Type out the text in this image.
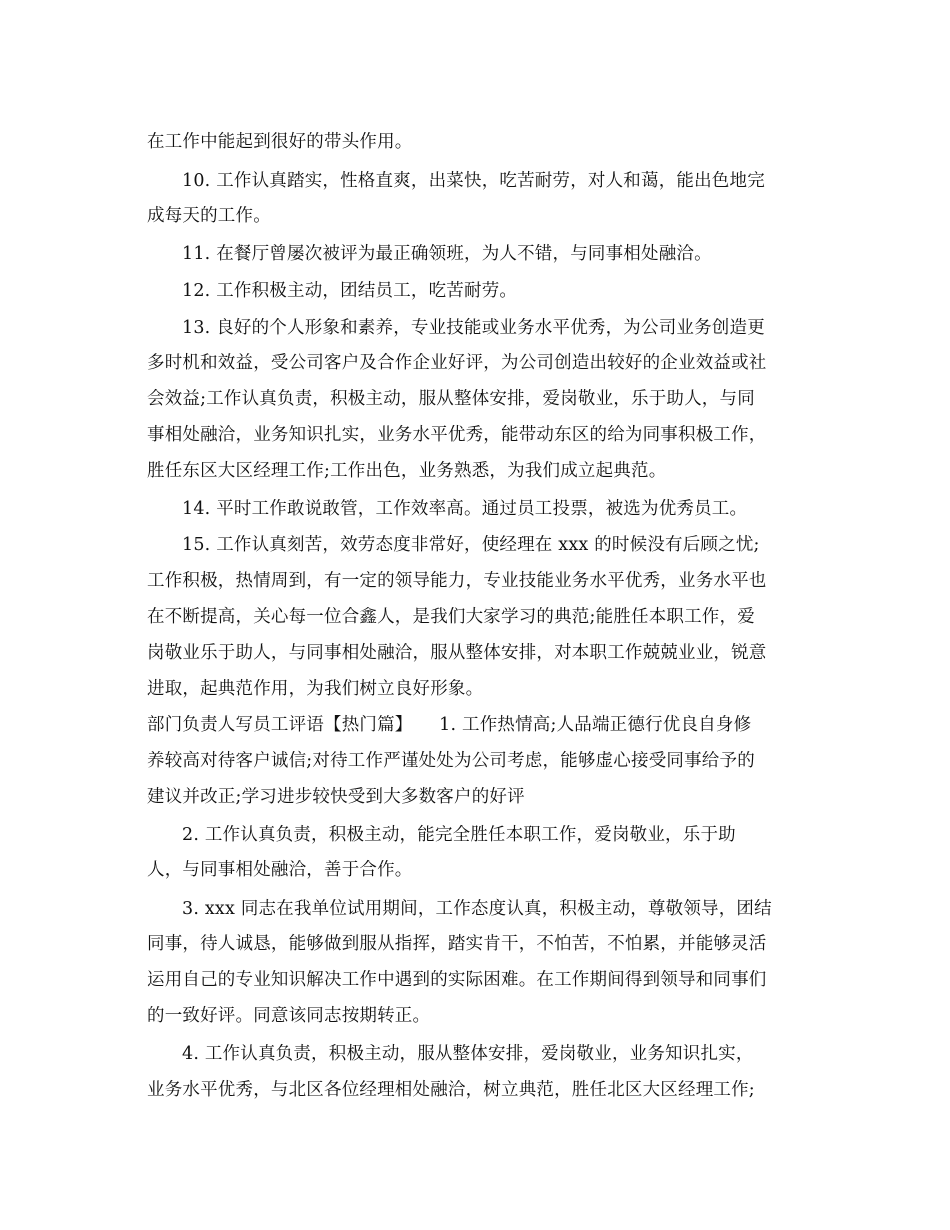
在工作中能起到很好的带头作用。
10. 工作认真踏实，性格直爽，出菜快，吃苦耐劳，对人和蔼，能出色地完
成每天的工作。
11. 在餐厅曾屡次被评为最正确领班，为人不错，与同事相处融洽。
12. 工作积极主动，团结员工，吃苦耐劳。
13. 良好的个人形象和素养，专业技能或业务水平优秀，为公司业务创造更
多时机和效益，受公司客户及合作企业好评，为公司创造出较好的企业效益或社
会效益;工作认真负责，积极主动，服从整体安排，爱岗敬业，乐于助人，与同
事相处融洽，业务知识扎实，业务水平优秀，能带动东区的给为同事积极工作，
胜任东区大区经理工作;工作出色，业务熟悉，为我们成立起典范。
14. 平时工作敢说敢管，工作效率高。通过员工投票，被选为优秀员工。
15. 工作认真刻苦，效劳态度非常好，使经理在 xxx 的时候没有后顾之忧;
工作积极，热情周到，有一定的领导能力，专业技能业务水平优秀，业务水平也
在不断提高，关心每一位合鑫人，是我们大家学习的典范;能胜任本职工作，爱
岗敬业乐于助人，与同事相处融洽，服从整体安排，对本职工作兢兢业业，锐意
进取，起典范作用，为我们树立良好形象。
部门负责人写员工评语【热门篇】　　1. 工作热情高;人品端正德行优良自身修
养较高对待客户诚信;对待工作严谨处处为公司考虑，能够虚心接受同事给予的
建议并改正;学习进步较快受到大多数客户的好评
2. 工作认真负责，积极主动，能完全胜任本职工作，爱岗敬业，乐于助
人，与同事相处融洽，善于合作。
3. xxx 同志在我单位试用期间，工作态度认真，积极主动，尊敬领导，团结
同事，待人诚恳，能够做到服从指挥，踏实肯干，不怕苦，不怕累，并能够灵活
运用自己的专业知识解决工作中遇到的实际困难。在工作期间得到领导和同事们
的一致好评。同意该同志按期转正。
4. 工作认真负责，积极主动，服从整体安排，爱岗敬业，业务知识扎实，
业务水平优秀，与北区各位经理相处融洽，树立典范，胜任北区大区经理工作;
